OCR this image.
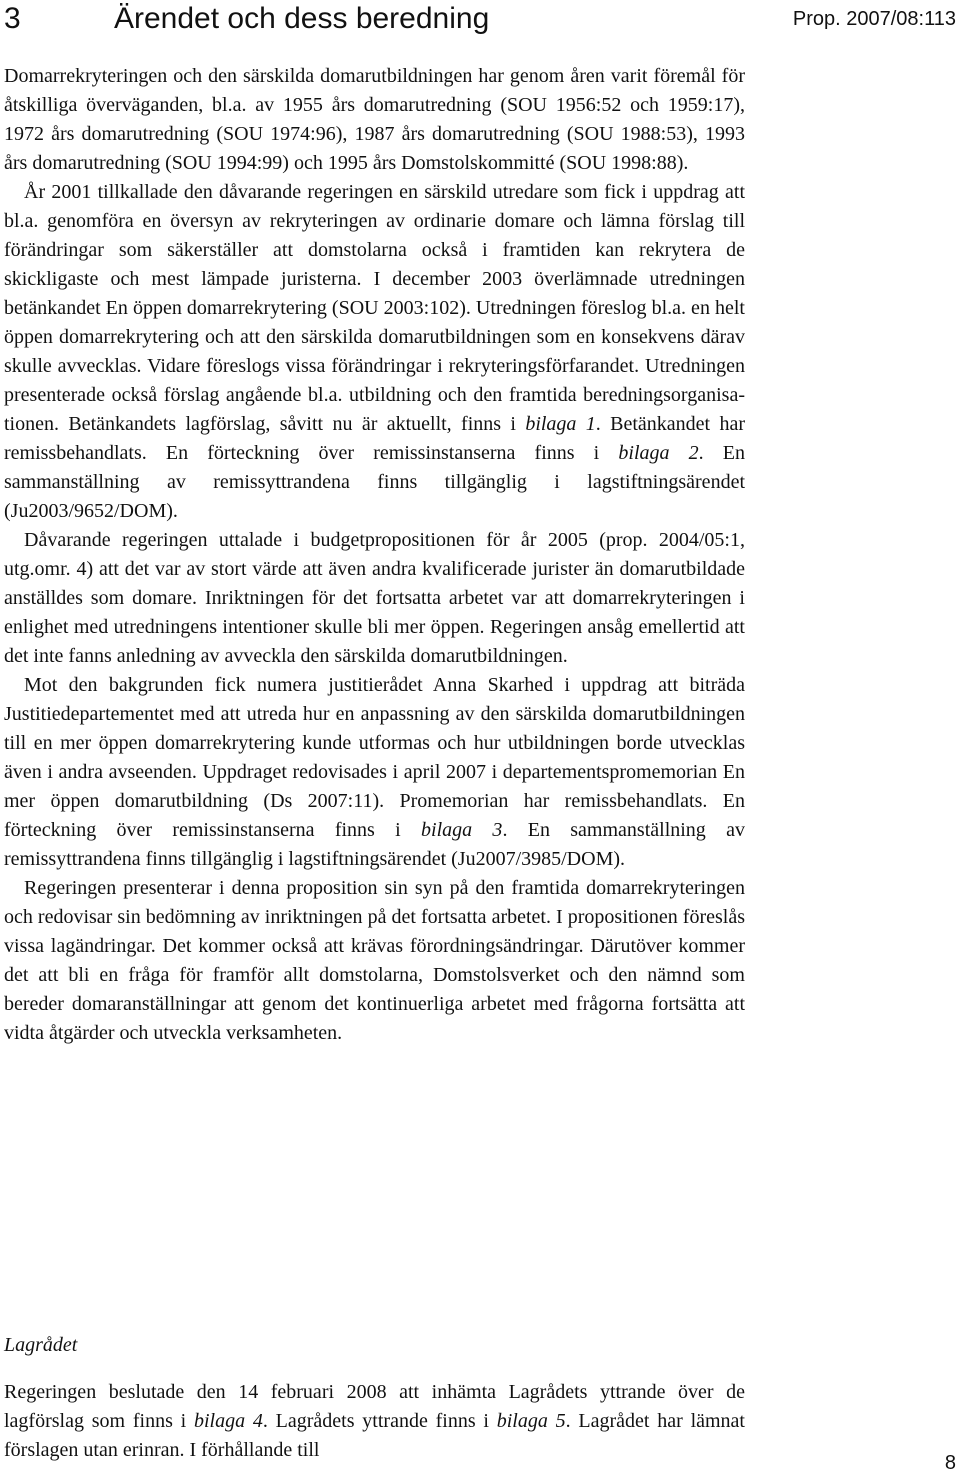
3	Ärendet och dess beredning	Prop. 2007/08:113

Domarrekryteringen och den särskilda domarutbildningen har genom åren varit föremål för åtskilliga överväganden, bl.a. av 1955 års domarutredning (SOU 1956:52 och 1959:17), 1972 års domarutredning (SOU 1974:96), 1987 års domarutredning (SOU 1988:53), 1993 års domarutredning (SOU 1994:99) och 1995 års Domstolskommitté (SOU 1998:88).

År 2001 tillkallade den dåvarande regeringen en särskild utredare som fick i uppdrag att bl.a. genomföra en översyn av rekryteringen av ordinarie domare och lämna förslag till förändringar som säkerställer att domstolarna också i framtiden kan rekrytera de skickligaste och mest lämpade juristerna. I december 2003 överlämnade utredningen betänkandet En öppen domarrekrytering (SOU 2003:102). Utredningen föreslog bl.a. en helt öppen domarrekrytering och att den särskilda domarutbildningen som en konsekvens därav skulle avvecklas. Vidare föreslogs vissa förändringar i rekryteringsförfarandet. Utredningen presenterade också förslag angående bl.a. utbildning och den framtida beredningsorganisationen. Betänkandets lagförslag, såvitt nu är aktuellt, finns i bilaga 1. Betänkandet har remissbehandlats. En förteckning över remissinstanserna finns i bilaga 2. En sammanställning av remissyttrandena finns tillgänglig i lagstiftningsärendet (Ju2003/9652/DOM).

Dåvarande regeringen uttalade i budgetpropositionen för år 2005 (prop. 2004/05:1, utg.omr. 4) att det var av stort värde att även andra kvalificerade jurister än domarutbildade anställdes som domare. Inriktningen för det fortsatta arbetet var att domarrekryteringen i enlighet med utredningens intentioner skulle bli mer öppen. Regeringen ansåg emellertid att det inte fanns anledning av avveckla den särskilda domarutbildningen.

Mot den bakgrunden fick numera justitierådet Anna Skarhed i uppdrag att biträda Justitiedepartementet med att utreda hur en anpassning av den särskilda domarutbildningen till en mer öppen domarrekrytering kunde utformas och hur utbildningen borde utvecklas även i andra avseenden. Uppdraget redovisades i april 2007 i departementspromemorian En mer öppen domarutbildning (Ds 2007:11). Promemorian har remissbehandlats. En förteckning över remissinstanserna finns i bilaga 3. En sammanställning av remissyttrandena finns tillgänglig i lagstiftningsärendet (Ju2007/3985/DOM).

Regeringen presenterar i denna proposition sin syn på den framtida domarrekryteringen och redovisar sin bedömning av inriktningen på det fortsatta arbetet. I propositionen föreslås vissa lagändringar. Det kommer också att krävas förordningsändringar. Därutöver kommer det att bli en fråga för framför allt domstolarna, Domstolsverket och den nämnd som bereder domaranställningar att genom det kontinuerliga arbetet med frågorna fortsätta att vidta åtgärder och utveckla verksamheten.

Lagrådet

Regeringen beslutade den 14 februari 2008 att inhämta Lagrådets yttrande över de lagförslag som finns i bilaga 4. Lagrådets yttrande finns i bilaga 5. Lagrådet har lämnat förslagen utan erinran. I förhållande till

8
